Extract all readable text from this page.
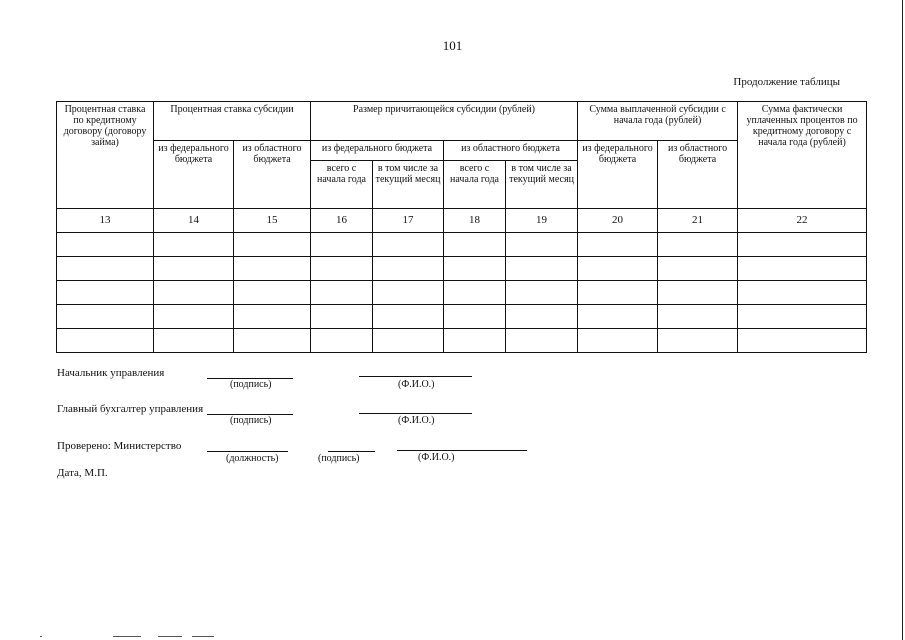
101
Продолжение таблицы
Процентная ставка по кредитному договору (договору займа)	Процентная ставка субсидии		Размер причитающейся субсидии (рублей)				Сумма выплаченной субсидии с начала года (рублей)		Сумма фактически уплаченных процентов по кредитному договору с начала года (рублей)
	из федерального бюджета	из областного бюджета	из федерального бюджета		из областного бюджета		из федерального бюджета	из областного бюджета	
			всего с начала года	в том числе за текущий месяц	всего с начала года	в том числе за текущий месяц			
13	14	15	16	17	18	19	20	21	22

Начальник управления
(подпись)	(Ф.И.О.)
Главный бухгалтер управления
(подпись)	(Ф.И.О.)
Проверено: Министерство
(должность)	(подпись)	(Ф.И.О.)
Дата, М.П.
